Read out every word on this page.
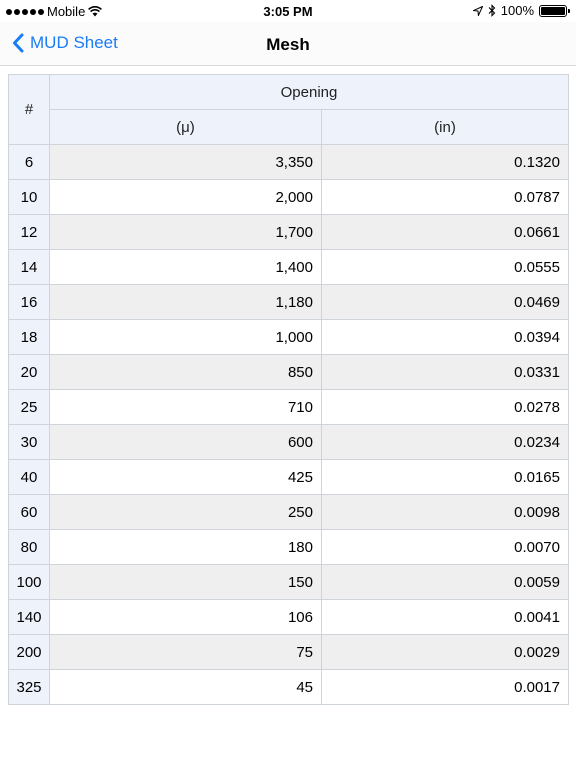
Mobile	3:05 PM	100%
MUD Sheet	Mesh
#	Opening	
	(μ)	(in)
6	3,350	0.1320
10	2,000	0.0787
12	1,700	0.0661
14	1,400	0.0555
16	1,180	0.0469
18	1,000	0.0394
20	850	0.0331
25	710	0.0278
30	600	0.0234
40	425	0.0165
60	250	0.0098
80	180	0.0070
100	150	0.0059
140	106	0.0041
200	75	0.0029
325	45	0.0017
